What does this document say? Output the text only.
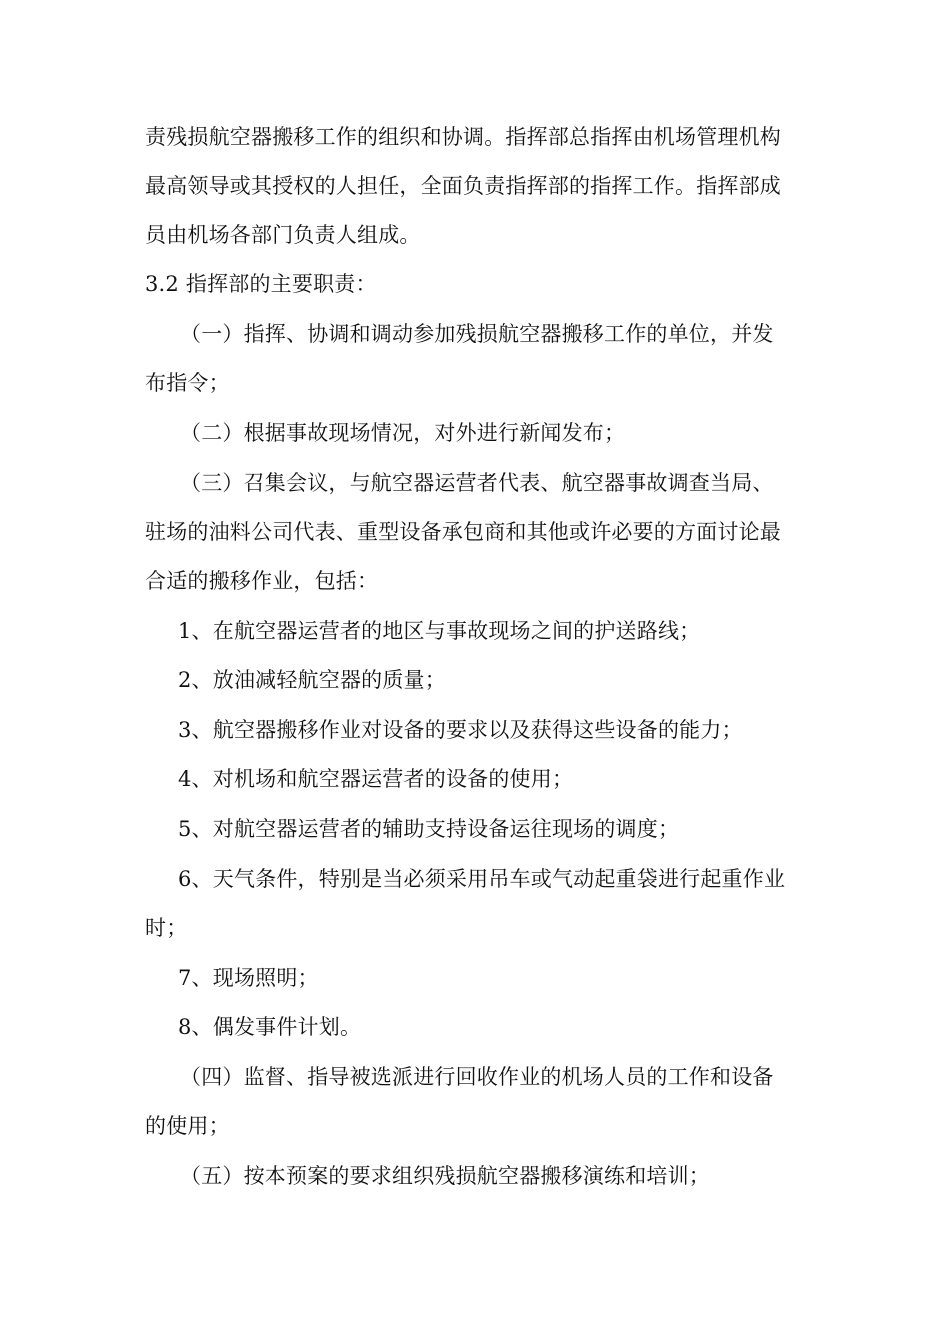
责残损航空器搬移工作的组织和协调。指挥部总指挥由机场管理机构
最高领导或其授权的人担任，全面负责指挥部的指挥工作。指挥部成
员由机场各部门负责人组成。
3.2 指挥部的主要职责：
（一）指挥、协调和调动参加残损航空器搬移工作的单位，并发
布指令；
（二）根据事故现场情况，对外进行新闻发布；
（三）召集会议，与航空器运营者代表、航空器事故调查当局、
驻场的油料公司代表、重型设备承包商和其他或许必要的方面讨论最
合适的搬移作业，包括：
1、在航空器运营者的地区与事故现场之间的护送路线；
2、放油减轻航空器的质量；
3、航空器搬移作业对设备的要求以及获得这些设备的能力；
4、对机场和航空器运营者的设备的使用；
5、对航空器运营者的辅助支持设备运往现场的调度；
6、天气条件，特别是当必须采用吊车或气动起重袋进行起重作业
时；
7、现场照明；
8、偶发事件计划。
（四）监督、指导被选派进行回收作业的机场人员的工作和设备
的使用；
（五）按本预案的要求组织残损航空器搬移演练和培训；
